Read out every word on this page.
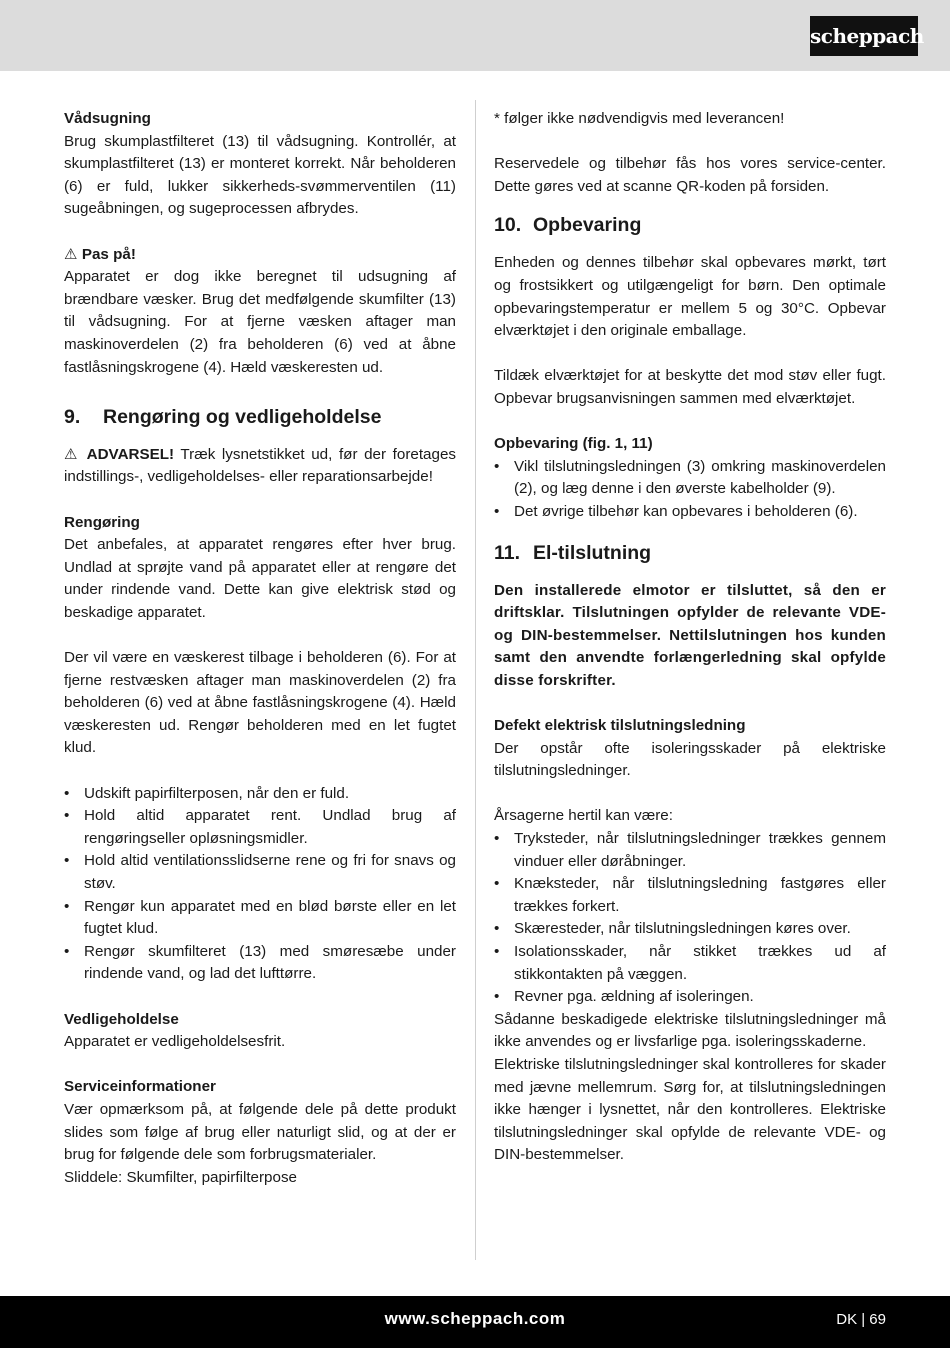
scheppach

Vådsugning

Brug skumplastfilteret (13) til vådsugning. Kontrollér, at skumplastfilteret (13) er monteret korrekt. Når beholderen (6) er fuld, lukker sikkerheds-svømmerventilen (11) sugeåbningen, og sugeprocessen afbrydes.

⚠ Pas på!

Apparatet er dog ikke beregnet til udsugning af brændbare væsker. Brug det medfølgende skumfilter (13) til vådsugning. For at fjerne væsken aftager man maskinoverdelen (2) fra beholderen (6) ved at åbne fastlåsningskrogene (4). Hæld væskeresten ud.

9. Rengøring og vedligeholdelse

⚠ ADVARSEL! Træk lysnetstikket ud, før der foretages indstillings-, vedligeholdelses- eller reparationsarbejde!

Rengøring

Det anbefales, at apparatet rengøres efter hver brug. Undlad at sprøjte vand på apparatet eller at rengøre det under rindende vand. Dette kan give elektrisk stød og beskadige apparatet.

Der vil være en væskerest tilbage i beholderen (6). For at fjerne restvæsken aftager man maskinoverdelen (2) fra beholderen (6) ved at åbne fastlåsningskrogene (4). Hæld væskeresten ud. Rengør beholderen med en let fugtet klud.

• Udskift papirfilterposen, når den er fuld.
• Hold altid apparatet rent. Undlad brug af rengøringseller opløsningsmidler.
• Hold altid ventilationsslidserne rene og fri for snavs og støv.
• Rengør kun apparatet med en blød børste eller en let fugtet klud.
• Rengør skumfilteret (13) med smøresæbe under rindende vand, og lad det lufttørre.

Vedligeholdelse

Apparatet er vedligeholdelsesfrit.

Serviceinformationer

Vær opmærksom på, at følgende dele på dette produkt slides som følge af brug eller naturligt slid, og at der er brug for følgende dele som forbrugsmaterialer.

Sliddele: Skumfilter, papirfilterpose

* følger ikke nødvendigvis med leverancen!

Reservedele og tilbehør fås hos vores service-center. Dette gøres ved at scanne QR-koden på forsiden.

10. Opbevaring

Enheden og dennes tilbehør skal opbevares mørkt, tørt og frostsikkert og utilgængeligt for børn. Den optimale opbevaringstemperatur er mellem 5 og 30°C. Opbevar elværktøjet i den originale emballage.

Tildæk elværktøjet for at beskytte det mod støv eller fugt. Opbevar brugsanvisningen sammen med elværktøjet.

Opbevaring (fig. 1, 11)

• Vikl tilslutningsledningen (3) omkring maskinoverdelen (2), og læg denne i den øverste kabelholder (9).
• Det øvrige tilbehør kan opbevares i beholderen (6).
11. El-tilslutning

Den installerede elmotor er tilsluttet, så den er driftsklar. Tilslutningen opfylder de relevante VDE- og DIN-bestemmelser. Nettilslutningen hos kunden samt den anvendte forlængerledning skal opfylde disse forskrifter.

Defekt elektrisk tilslutningsledning

Der opstår ofte isoleringsskader på elektriske tilslutningsledninger.

Årsagerne hertil kan være:

• Tryksteder, når tilslutningsledninger trækkes gennem vinduer eller døråbninger.
• Knæksteder, når tilslutningsledning fastgøres eller trækkes forkert.
• Skæresteder, når tilslutningsledningen køres over.
• Isolationsskader, når stikket trækkes ud af stikkontakten på væggen.
• Revner pga. ældning af isoleringen.

Sådanne beskadigede elektriske tilslutningsledninger må ikke anvendes og er livsfarlige pga. isoleringsskaderne.

Elektriske tilslutningsledninger skal kontrolleres for skader med jævne mellemrum. Sørg for, at tilslutningsledningen ikke hænger i lysnettet, når den kontrolleres. Elektriske tilslutningsledninger skal opfylde de relevante VDE- og DIN-bestemmelser.

www.scheppach.com	DK | 69
